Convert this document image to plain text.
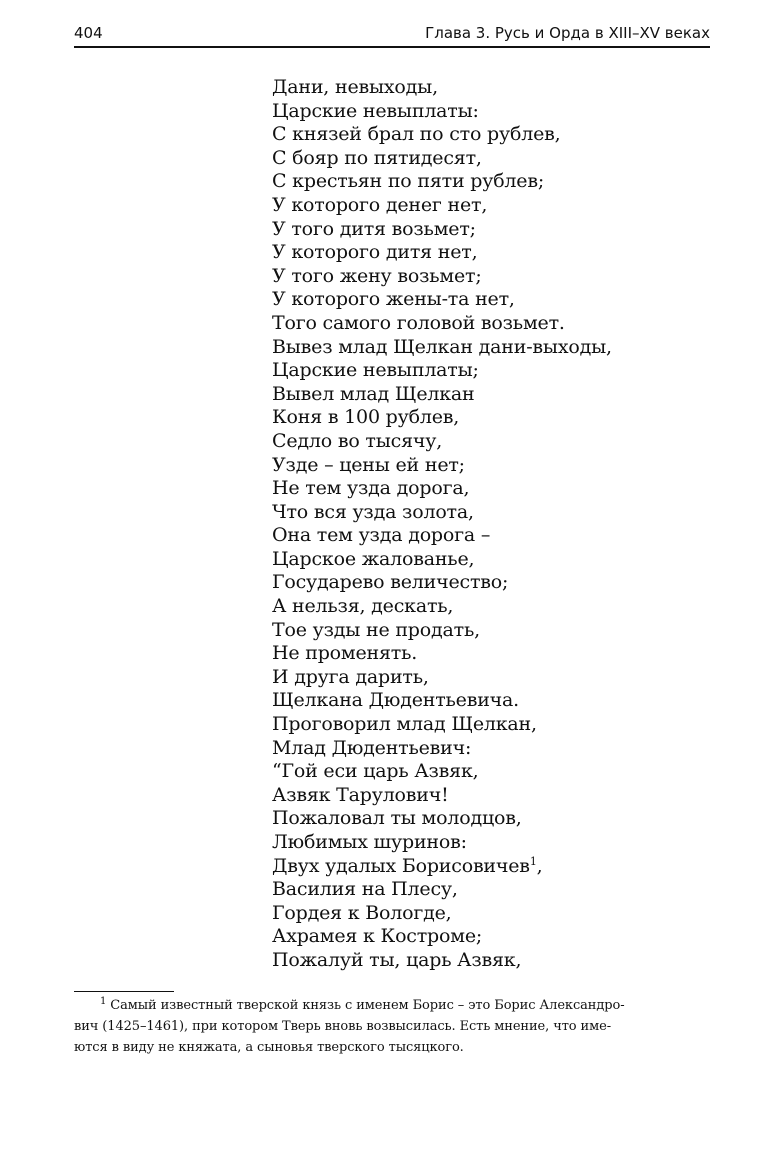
404	Глава 3. Русь и Орда в XIII–XV веках
Дани, невыходы,
Царские невыплаты:
С князей брал по сто рублев,
С бояр по пятидесят,
С крестьян по пяти рублев;
У которого денег нет,
У того дитя возьмет;
У которого дитя нет,
У того жену возьмет;
У которого жены-та нет,
Того самого головой возьмет.
Вывез млад Щелкан дани-выходы,
Царские невыплаты;
Вывел млад Щелкан
Коня в 100 рублев,
Седло во тысячу,
Узде – цены ей нет;
Не тем узда дорога,
Что вся узда золота,
Она тем узда дорога –
Царское жалованье,
Государево величество;
А нельзя, дескать,
Тое узды не продать,
Не променять.
И друга дарить,
Щелкана Дюдентьевича.
Проговорил млад Щелкан,
Млад Дюдентьевич:
“Гой еси царь Азвяк,
Азвяк Тарулович!
Пожаловал ты молодцов,
Любимых шуринов:
Двух удалых Борисовичев$^1$,
Василия на Плесу,
Гордея к Вологде,
Ахрамея к Костроме;
Пожалуй ты, царь Азвяк,
$^1$ Самый известный тверской князь с именем Борис – это Борис Александро-
вич (1425–1461), при котором Тверь вновь возвысилась. Есть мнение, что име-
ются в виду не княжата, а сыновья тверского тысяцкого.
